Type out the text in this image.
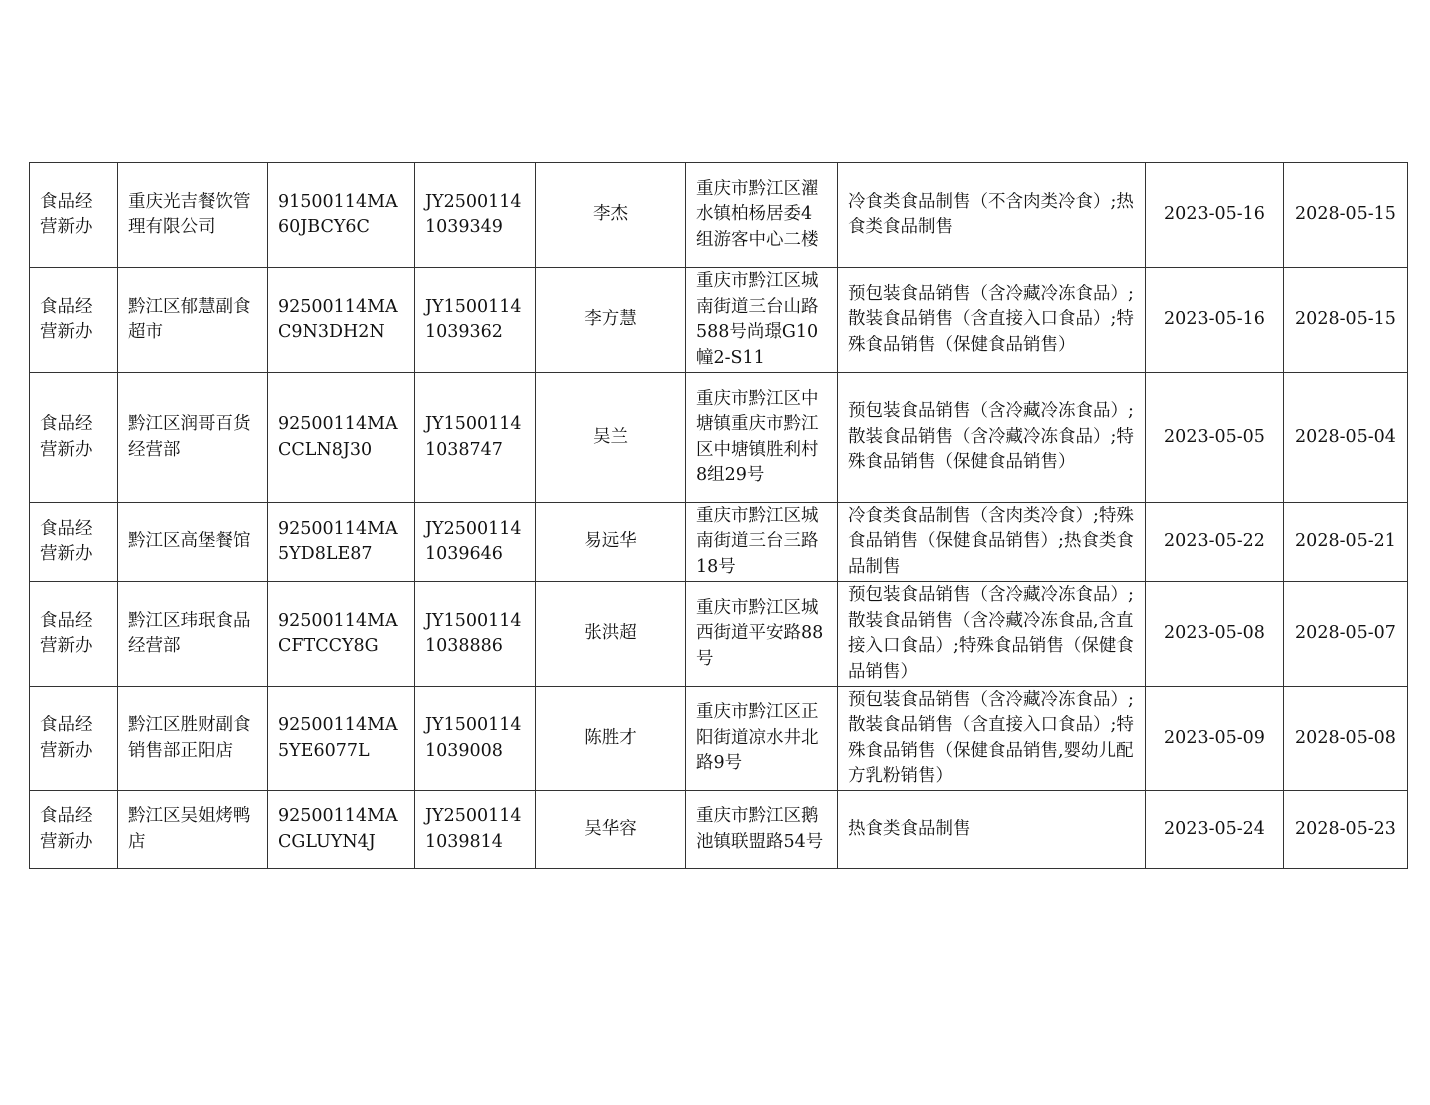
食品经营新办	重庆光吉餐饮管理有限公司	91500114MA60JBCY6C	JY25001141039349	李杰	重庆市黔江区濯水镇柏杨居委4组游客中心二楼	冷食类食品制售（不含肉类冷食）;热食类食品制售	2023-05-16	2028-05-15
食品经营新办	黔江区郁慧副食超市	92500114MAC9N3DH2N	JY15001141039362	李方慧	重庆市黔江区城南街道三台山路588号尚璟G10幢2-S11	预包装食品销售（含冷藏冷冻食品）;散装食品销售（含直接入口食品）;特殊食品销售（保健食品销售）	2023-05-16	2028-05-15
食品经营新办	黔江区润哥百货经营部	92500114MACCLN8J30	JY15001141038747	吴兰	重庆市黔江区中塘镇重庆市黔江区中塘镇胜利村8组29号	预包装食品销售（含冷藏冷冻食品）;散装食品销售（含冷藏冷冻食品）;特殊食品销售（保健食品销售）	2023-05-05	2028-05-04
食品经营新办	黔江区高堡餐馆	92500114MA5YD8LE87	JY25001141039646	易远华	重庆市黔江区城南街道三台三路18号	冷食类食品制售（含肉类冷食）;特殊食品销售（保健食品销售）;热食类食品制售	2023-05-22	2028-05-21
食品经营新办	黔江区玮珉食品经营部	92500114MACFTCCY8G	JY15001141038886	张洪超	重庆市黔江区城西街道平安路88号	预包装食品销售（含冷藏冷冻食品）;散装食品销售（含冷藏冷冻食品,含直接入口食品）;特殊食品销售（保健食品销售）	2023-05-08	2028-05-07
食品经营新办	黔江区胜财副食销售部正阳店	92500114MA5YE6077L	JY15001141039008	陈胜才	重庆市黔江区正阳街道凉水井北路9号	预包装食品销售（含冷藏冷冻食品）;散装食品销售（含直接入口食品）;特殊食品销售（保健食品销售,婴幼儿配方乳粉销售）	2023-05-09	2028-05-08
食品经营新办	黔江区吴姐烤鸭店	92500114MACGLUYN4J	JY25001141039814	吴华容	重庆市黔江区鹅池镇联盟路54号	热食类食品制售	2023-05-24	2028-05-23
